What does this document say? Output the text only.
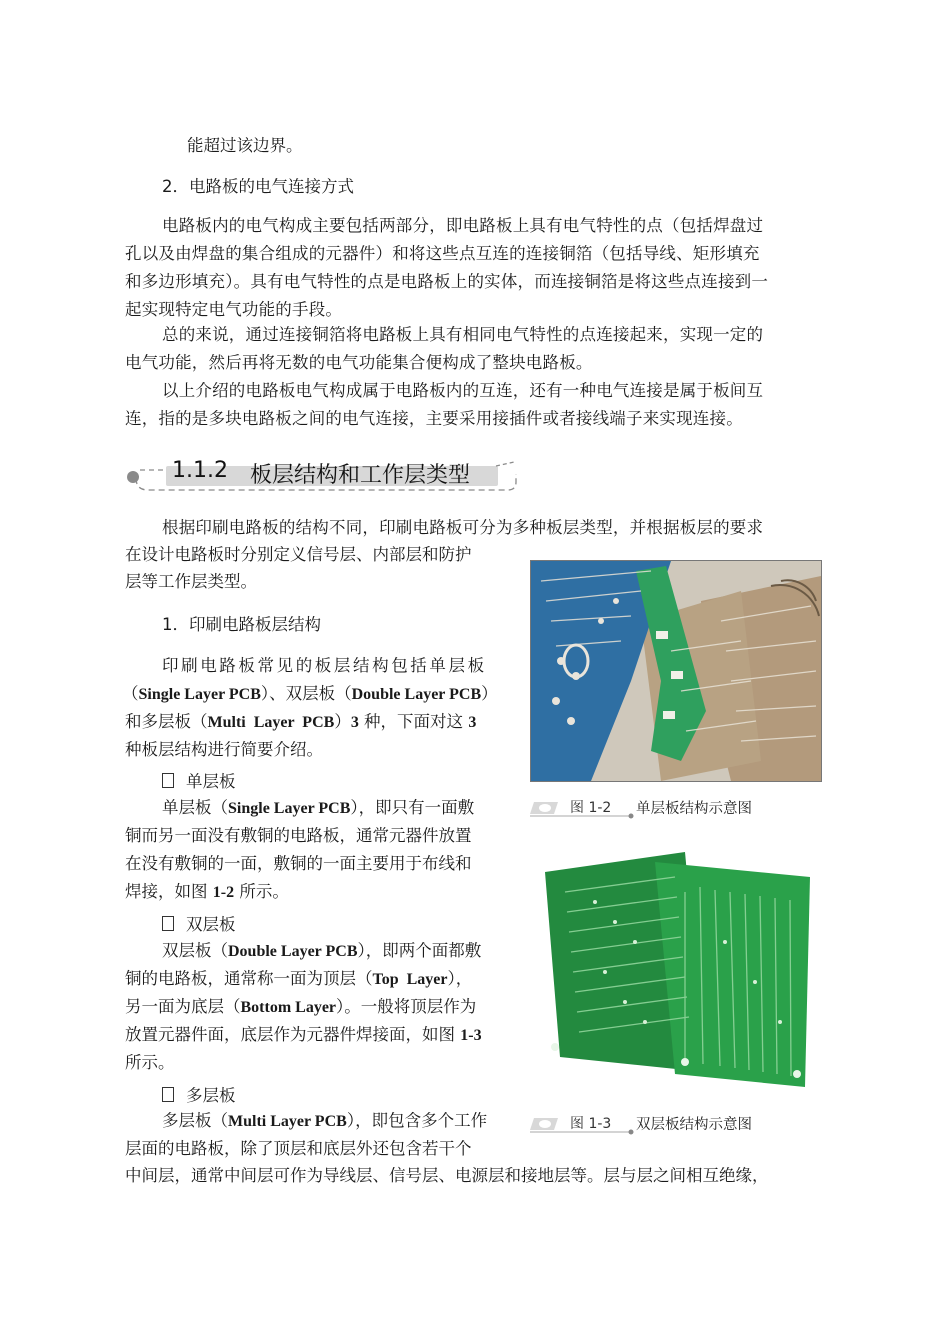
能超过该边界。
2．电路板的电气连接方式
电路板内的电气构成主要包括两部分，即电路板上具有电气特性的点（包括焊盘过
孔以及由焊盘的集合组成的元器件）和将这些点互连的连接铜箔（包括导线、矩形填充
和多边形填充）。具有电气特性的点是电路板上的实体，而连接铜箔是将这些点连接到一
起实现特定电气功能的手段。
总的来说，通过连接铜箔将电路板上具有相同电气特性的点连接起来，实现一定的
电气功能，然后再将无数的电气功能集合便构成了整块电路板。
以上介绍的电路板电气构成属于电路板内的互连，还有一种电气连接是属于板间互
连，指的是多块电路板之间的电气连接，主要采用接插件或者接线端子来实现连接。
1.1.2 板层结构和工作层类型
根据印刷电路板的结构不同，印刷电路板可分为多种板层类型，并根据板层的要求
在设计电路板时分别定义信号层、内部层和防护
层等工作层类型。
1．印刷电路板层结构
印刷电路板常见的板层结构包括单层板
（Single Layer PCB）、双层板（Double Layer PCB）
和多层板（Multi  Layer  PCB）3 种，下面对这 3
种板层结构进行简要介绍。
单层板
单层板（Single Layer PCB），即只有一面敷
铜而另一面没有敷铜的电路板，通常元器件放置
在没有敷铜的一面，敷铜的一面主要用于布线和
焊接，如图 1-2 所示。
双层板
双层板（Double Layer PCB），即两个面都敷
铜的电路板，通常称一面为顶层（Top  Layer），
另一面为底层（Bottom Layer）。一般将顶层作为
放置元器件面，底层作为元器件焊接面，如图 1-3
所示。
多层板
多层板（Multi Layer PCB），即包含多个工作
层面的电路板，除了顶层和底层外还包含若干个
中间层，通常中间层可作为导线层、信号层、电源层和接地层等。层与层之间相互绝缘，
图 1-2 单层板结构示意图
图 1-3 双层板结构示意图
